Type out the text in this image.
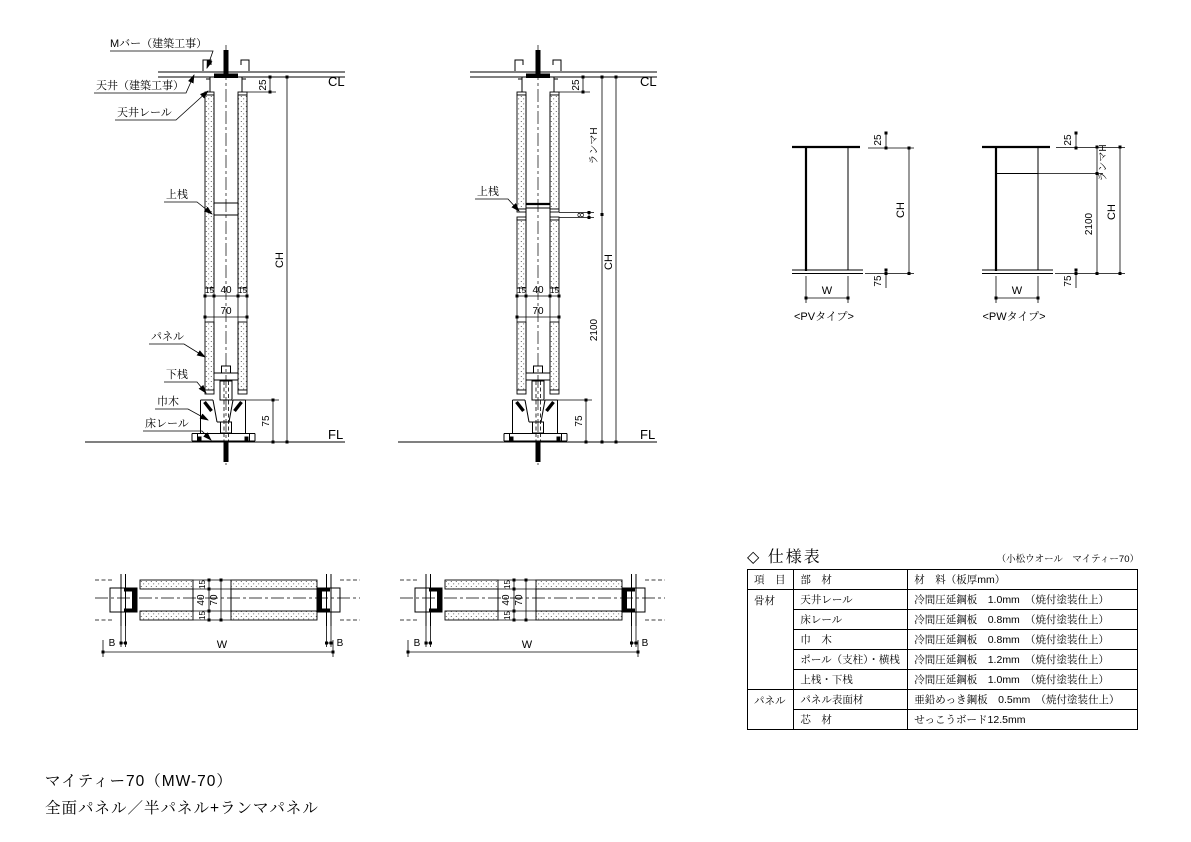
15 40 15
70
25
CH
75
CL
FL
Mバー（建築工事）
天井（建築工事）
天井レール
上桟
パネル
下桟
巾木
床レール
15 40 15
70
25
8
ランマH
2100
CH
75
CL
FL
上桟
W
25
CH
75
<PVタイプ>
W
25
ランマH
2100
CH
75
<PWタイプ>
15
40
15
70
B	B
W
15
40
15
70
B	B
W
◇ 仕様表	（小松ウオール　マイティー70）
項　目	部　材	材　料（板厚mm）
骨材	天井レール	冷間圧延鋼板　1.0mm　（焼付塗装仕上）
	床レール	冷間圧延鋼板　0.8mm　（焼付塗装仕上）
	巾　木	冷間圧延鋼板　0.8mm　（焼付塗装仕上）
	ポール（支柱）・横桟	冷間圧延鋼板　1.2mm　（焼付塗装仕上）
	上桟・下桟	冷間圧延鋼板　1.0mm　（焼付塗装仕上）
パネル	パネル表面材	亜鉛めっき鋼板　0.5mm　（焼付塗装仕上）
	芯　材	せっこうボード12.5mm
マイティー70（MW-70）
全面パネル／半パネル+ランマパネル
